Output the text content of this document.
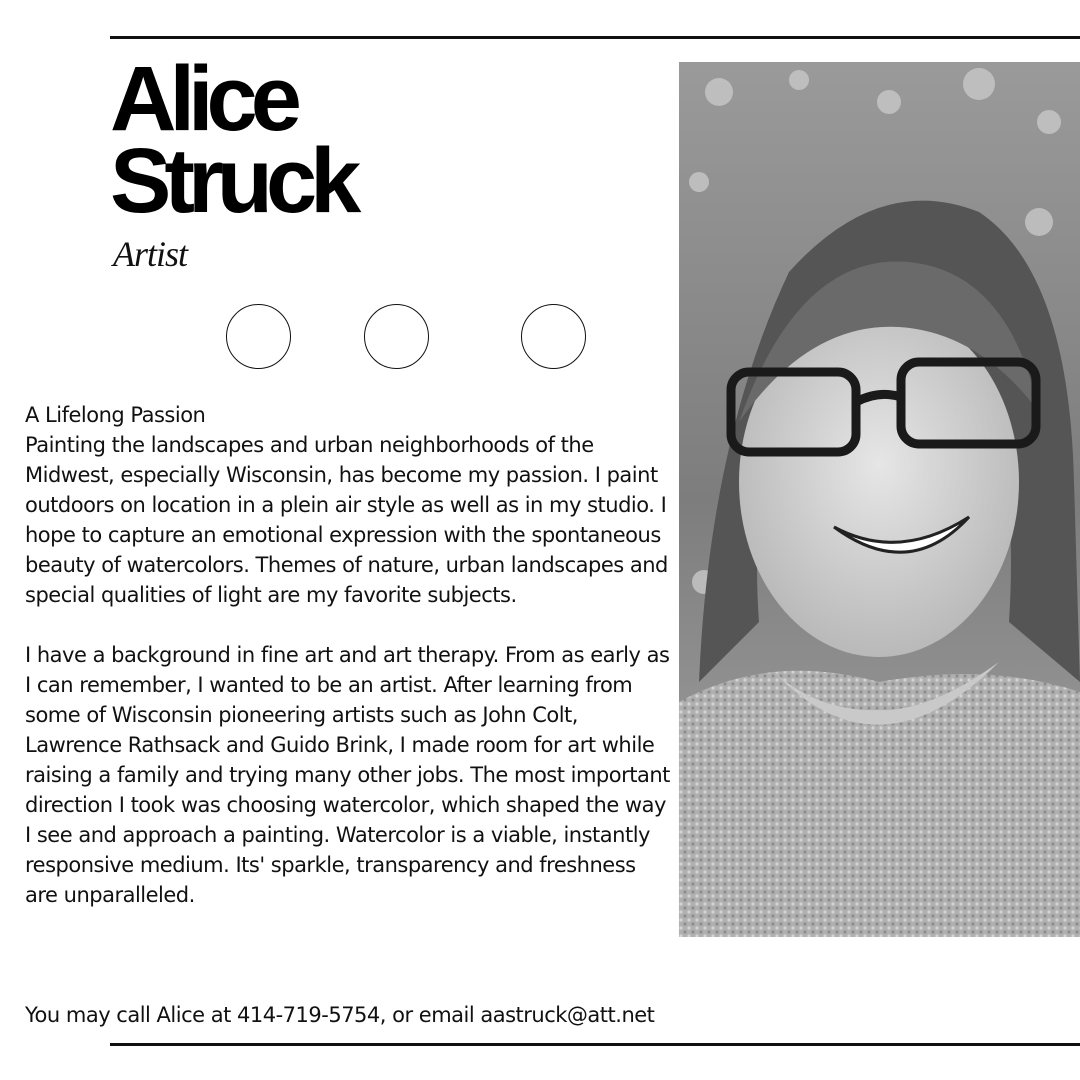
Alice
Struck
Artist

A Lifelong Passion

Painting the landscapes and urban neighborhoods of the Midwest, especially Wisconsin, has become my passion. I paint outdoors on location in a plein air style as well as in my studio. I hope to capture an emotional expression with the spontaneous beauty of watercolors. Themes of nature, urban landscapes and special qualities of light are my favorite subjects.

I have a background in fine art and art therapy. From as early as I can remember, I wanted to be an artist. After learning from some of Wisconsin pioneering artists such as John Colt, Lawrence Rathsack and Guido Brink, I made room for art while raising a family and trying many other jobs. The most important direction I took was choosing watercolor, which shaped the way I see and approach a painting. Watercolor is a viable, instantly responsive medium. Its' sparkle, transparency and freshness are unparalleled.

You may call Alice at 414-719-5754, or email aastruck@att.net
